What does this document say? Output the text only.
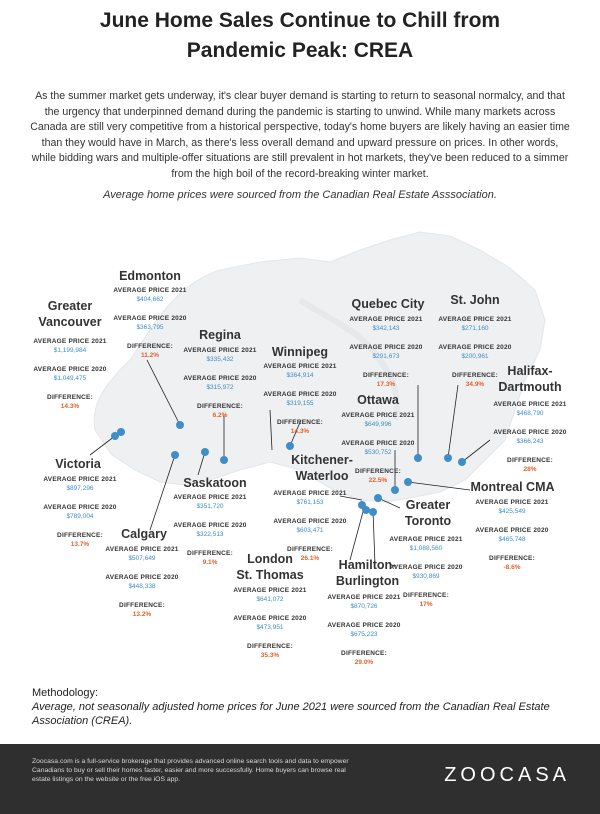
June Home Sales Continue to Chill from
Pandemic Peak: CREA
As the summer market gets underway, it's clear buyer demand is starting to return to seasonal normalcy, and that the urgency that underpinned demand during the pandemic is starting to unwind. While many markets across Canada are still very competitive from a historical perspective, today's home buyers are likely having an easier time than they would have in March, as there's less overall demand and upward pressure on prices. In other words, while bidding wars and multiple-offer situations are still prevalent in hot markets, they've been reduced to a simmer from the high boil of the record-breaking winter market.
Average home prices were sourced from the Canadian Real Estate Asssociation.
Edmonton
AVERAGE PRICE 2021
$404,662
AVERAGE PRICE 2020
$363,795
DIFFERENCE:
11.2%
Greater
Vancouver
AVERAGE PRICE 2021
$1,199,984
AVERAGE PRICE 2020
$1,049,475
DIFFERENCE:
14.3%
Regina
AVERAGE PRICE 2021
$335,432
AVERAGE PRICE 2020
$315,972
DIFFERENCE:
6.2%
Winnipeg
AVERAGE PRICE 2021
$364,914
AVERAGE PRICE 2020
$319,155
DIFFERENCE:
14.3%
Quebec City
AVERAGE PRICE 2021
$342,143
AVERAGE PRICE 2020
$291,673
DIFFERENCE:
17.3%
St. John
AVERAGE PRICE 2021
$271,160
AVERAGE PRICE 2020
$200,961
DIFFERENCE:
34.9%
Halifax-
Dartmouth
AVERAGE PRICE 2021
$468,790
AVERAGE PRICE 2020
$366,243
DIFFERENCE:
28%
Ottawa
AVERAGE PRICE 2021
$649,996
AVERAGE PRICE 2020
$530,752
DIFFERENCE:
22.5%
Victoria
AVERAGE PRICE 2021
$897,296
AVERAGE PRICE 2020
$789,004
DIFFERENCE:
13.7%
Saskatoon
AVERAGE PRICE 2021
$351,720
AVERAGE PRICE 2020
$322,513
DIFFERENCE:
9.1%
Kitchener-
Waterloo
AVERAGE PRICE 2021
$761,153
AVERAGE PRICE 2020
$603,471
DIFFERENCE:
26.1%
Montreal CMA
AVERAGE PRICE 2021
$425,549
AVERAGE PRICE 2020
$465,748
DIFFERENCE:
-8.6%
Greater
Toronto
AVERAGE PRICE 2021
$1,088,560
AVERAGE PRICE 2020
$930,869
DIFFERENCE:
17%
Calgary
AVERAGE PRICE 2021
$507,649
AVERAGE PRICE 2020
$448,338
DIFFERENCE:
13.2%
London
St. Thomas
AVERAGE PRICE 2021
$641,072
AVERAGE PRICE 2020
$473,951
DIFFERENCE:
35.3%
Hamilton-
Burlington
AVERAGE PRICE 2021
$870,726
AVERAGE PRICE 2020
$675,223
DIFFERENCE:
29.0%
Methodology:
Average, not seasonally adjusted home prices for June 2021 were sourced from the Canadian Real Estate Association (CREA).
Zoocasa.com is a full-service brokerage that provides advanced online search tools and data to empower Canadians to buy or sell their homes faster, easier and more successfully. Home buyers can browse real estate listings on the website or the free iOS app.	ZOOCASA
